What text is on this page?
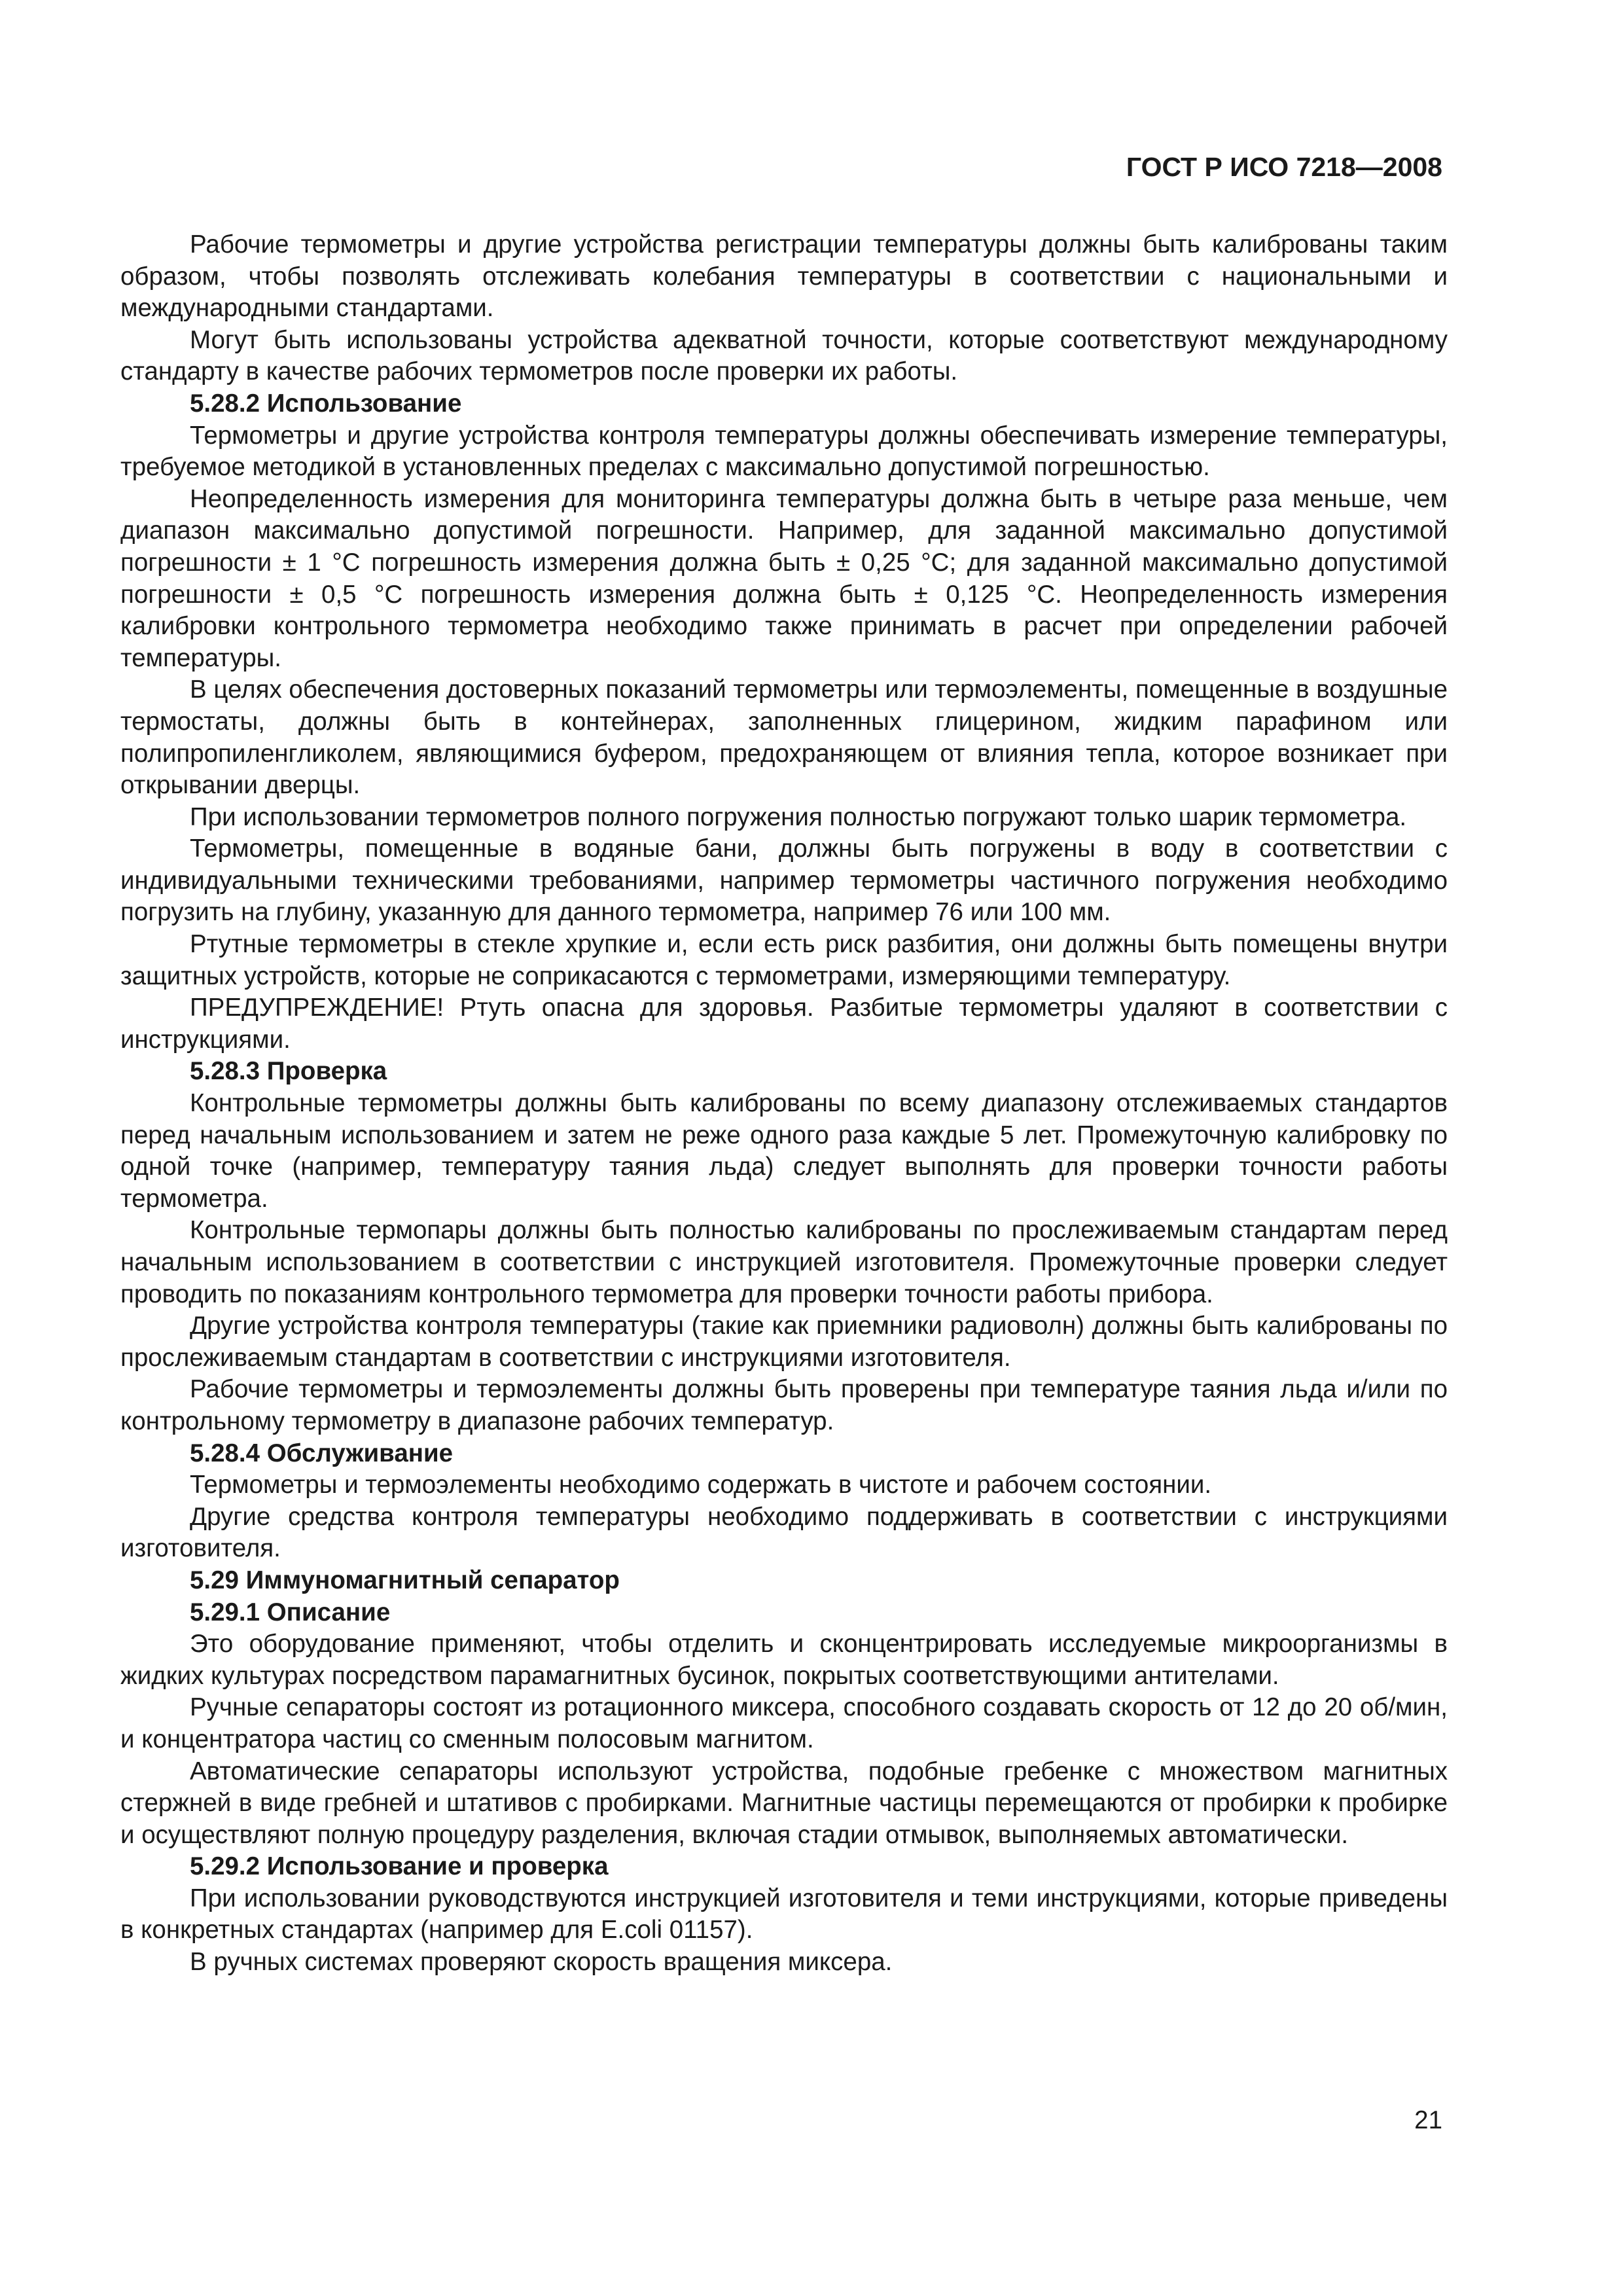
ГОСТ Р ИСО 7218—2008

Рабочие термометры и другие устройства регистрации температуры должны быть калиброваны таким образом, чтобы позволять отслеживать колебания температуры в соответствии с национальными и международными стандартами.

Могут быть использованы устройства адекватной точности, которые соответствуют международному стандарту в качестве рабочих термометров после проверки их работы.

5.28.2 Использование

Термометры и другие устройства контроля температуры должны обеспечивать измерение температуры, требуемое методикой в установленных пределах с максимально допустимой погрешностью.

Неопределенность измерения для мониторинга температуры должна быть в четыре раза меньше, чем диапазон максимально допустимой погрешности. Например, для заданной максимально допустимой погрешности ± 1 °С погрешность измерения должна быть ± 0,25 °С; для заданной максимально допустимой погрешности ± 0,5 °С погрешность измерения должна быть ± 0,125 °С. Неопределенность измерения калибровки контрольного термометра необходимо также принимать в расчет при определении рабочей температуры.

В целях обеспечения достоверных показаний термометры или термоэлементы, помещенные в воздушные термостаты, должны быть в контейнерах, заполненных глицерином, жидким парафином или полипропиленгликолем, являющимися буфером, предохраняющем от влияния тепла, которое возникает при открывании дверцы.

При использовании термометров полного погружения полностью погружают только шарик термометра.

Термометры, помещенные в водяные бани, должны быть погружены в воду в соответствии с индивидуальными техническими требованиями, например термометры частичного погружения необходимо погрузить на глубину, указанную для данного термометра, например 76 или 100 мм.

Ртутные термометры в стекле хрупкие и, если есть риск разбития, они должны быть помещены внутри защитных устройств, которые не соприкасаются с термометрами, измеряющими температуру.

ПРЕДУПРЕЖДЕНИЕ! Ртуть опасна для здоровья. Разбитые термометры удаляют в соответствии с инструкциями.

5.28.3 Проверка

Контрольные термометры должны быть калиброваны по всему диапазону отслеживаемых стандартов перед начальным использованием и затем не реже одного раза каждые 5 лет. Промежуточную калибровку по одной точке (например, температуру таяния льда) следует выполнять для проверки точности работы термометра.

Контрольные термопары должны быть полностью калиброваны по прослеживаемым стандартам перед начальным использованием в соответствии с инструкцией изготовителя. Промежуточные проверки следует проводить по показаниям контрольного термометра для проверки точности работы прибора.

Другие устройства контроля температуры (такие как приемники радиоволн) должны быть калиброваны по прослеживаемым стандартам в соответствии с инструкциями изготовителя.

Рабочие термометры и термоэлементы должны быть проверены при температуре таяния льда и/или по контрольному термометру в диапазоне рабочих температур.

5.28.4 Обслуживание

Термометры и термоэлементы необходимо содержать в чистоте и рабочем состоянии.

Другие средства контроля температуры необходимо поддерживать в соответствии с инструкциями изготовителя.

5.29 Иммуномагнитный сепаратор
5.29.1 Описание

Это оборудование применяют, чтобы отделить и сконцентрировать исследуемые микроорганизмы в жидких культурах посредством парамагнитных бусинок, покрытых соответствующими антителами.

Ручные сепараторы состоят из ротационного миксера, способного создавать скорость от 12 до 20 об/мин, и концентратора частиц со сменным полосовым магнитом.

Автоматические сепараторы используют устройства, подобные гребенке с множеством магнитных стержней в виде гребней и штативов с пробирками. Магнитные частицы перемещаются от пробирки к пробирке и осуществляют полную процедуру разделения, включая стадии отмывок, выполняемых автоматически.

5.29.2 Использование и проверка

При использовании руководствуются инструкцией изготовителя и теми инструкциями, которые приведены в конкретных стандартах (например для E.coli 01157).

В ручных системах проверяют скорость вращения миксера.

21
